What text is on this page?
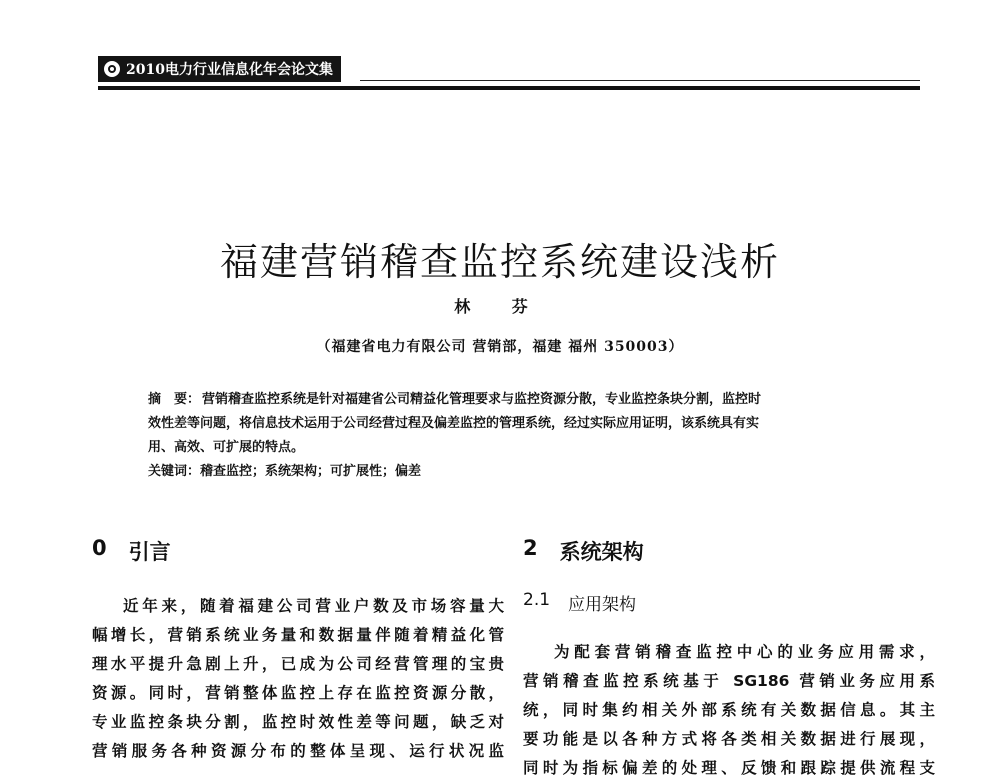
2010电力行业信息化年会论文集
福建营销稽查监控系统建设浅析
林 芬
（福建省电力有限公司 营销部，福建 福州 350003）

摘　要： 营销稽查监控系统是针对福建省公司精益化管理要求与监控资源分散，专业监控条块分割，监控时

效性差等问题，将信息技术运用于公司经营过程及偏差监控的管理系统，经过实际应用证明，该系统具有实

用、高效、可扩展的特点。

关键词：稽查监控；系统架构；可扩展性；偏差

0 引言
近年来，随着福建公司营业户数及市场容量大
幅增长，营销系统业务量和数据量伴随着精益化管
理水平提升急剧上升，已成为公司经营管理的宝贵
资源。同时，营销整体监控上存在监控资源分散，
专业监控条块分割，监控时效性差等问题，缺乏对
营销服务各种资源分布的整体呈现、运行状况监
2 系统架构
2.1 应用架构
为配套营销稽查监控中心的业务应用需求，
营销稽查监控系统基于 SG186 营销业务应用系
统，同时集约相关外部系统有关数据信息。其主
要功能是以各种方式将各类相关数据进行展现，
同时为指标偏差的处理、反馈和跟踪提供流程支
